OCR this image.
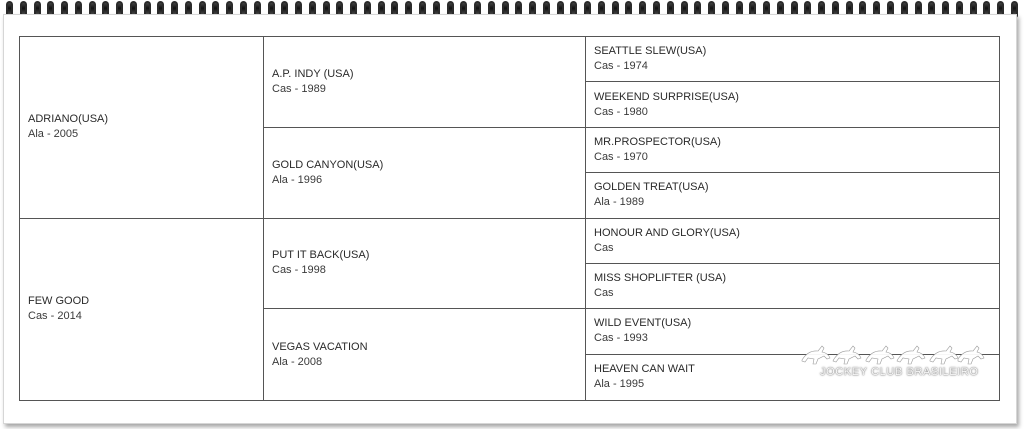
ADRIANO(USA)
Ala - 2005
FEW GOOD
Cas - 2014
A.P. INDY (USA)
Cas - 1989
GOLD CANYON(USA)
Ala - 1996
PUT IT BACK(USA)
Cas - 1998
VEGAS VACATION
Ala - 2008
SEATTLE SLEW(USA)
Cas - 1974
WEEKEND SURPRISE(USA)
Cas - 1980
MR.PROSPECTOR(USA)
Cas - 1970
GOLDEN TREAT(USA)
Ala - 1989
HONOUR AND GLORY(USA)
Cas
MISS SHOPLIFTER (USA)
Cas
WILD EVENT(USA)
Cas - 1993
HEAVEN CAN WAIT
Ala - 1995
JOCKEY CLUB BRASILEIRO
